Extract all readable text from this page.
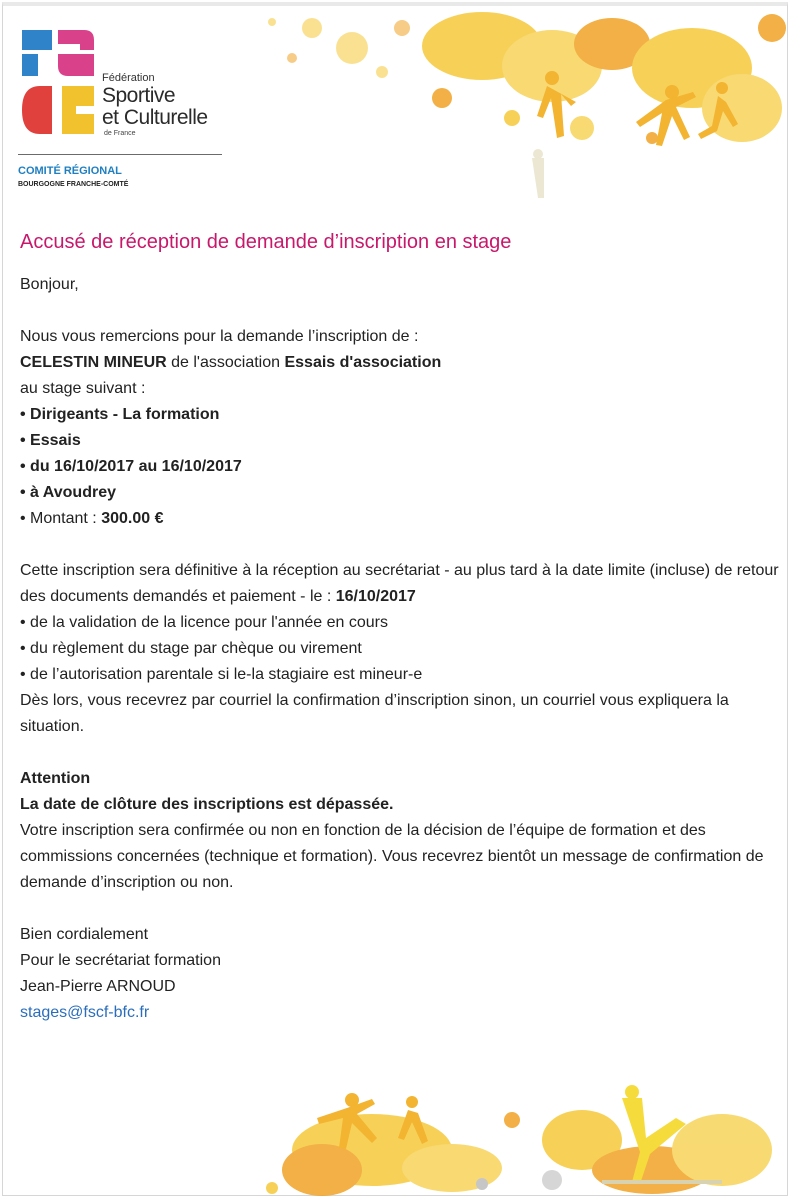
Fédération
Sportive
et Culturelle
de France
COMITÉ RÉGIONAL
BOURGOGNE FRANCHE-COMTÉ
Accusé de réception de demande d’inscription en stage

Bonjour,

Nous vous remercions pour la demande l’inscription de :

CELESTIN MINEUR de l'association Essais d'association

au stage suivant :

• Dirigeants - La formation

• Essais

• du 16/10/2017 au 16/10/2017

• à Avoudrey

• Montant : 300.00 €

Cette inscription sera définitive à la réception au secrétariat - au plus tard à la date limite (incluse) de retour des documents demandés et paiement - le : 16/10/2017

• de la validation de la licence pour l'année en cours

• du règlement du stage par chèque ou virement

• de l’autorisation parentale si le-la stagiaire est mineur-e

Dès lors, vous recevrez par courriel la confirmation d’inscription sinon, un courriel vous expliquera la situation.

Attention

La date de clôture des inscriptions est dépassée.

Votre inscription sera confirmée ou non en fonction de la décision de l’équipe de formation et des commissions concernées (technique et formation). Vous recevrez bientôt un message de confirmation de demande d’inscription ou non.

Bien cordialement

Pour le secrétariat formation

Jean-Pierre ARNOUD

stages@fscf-bfc.fr
